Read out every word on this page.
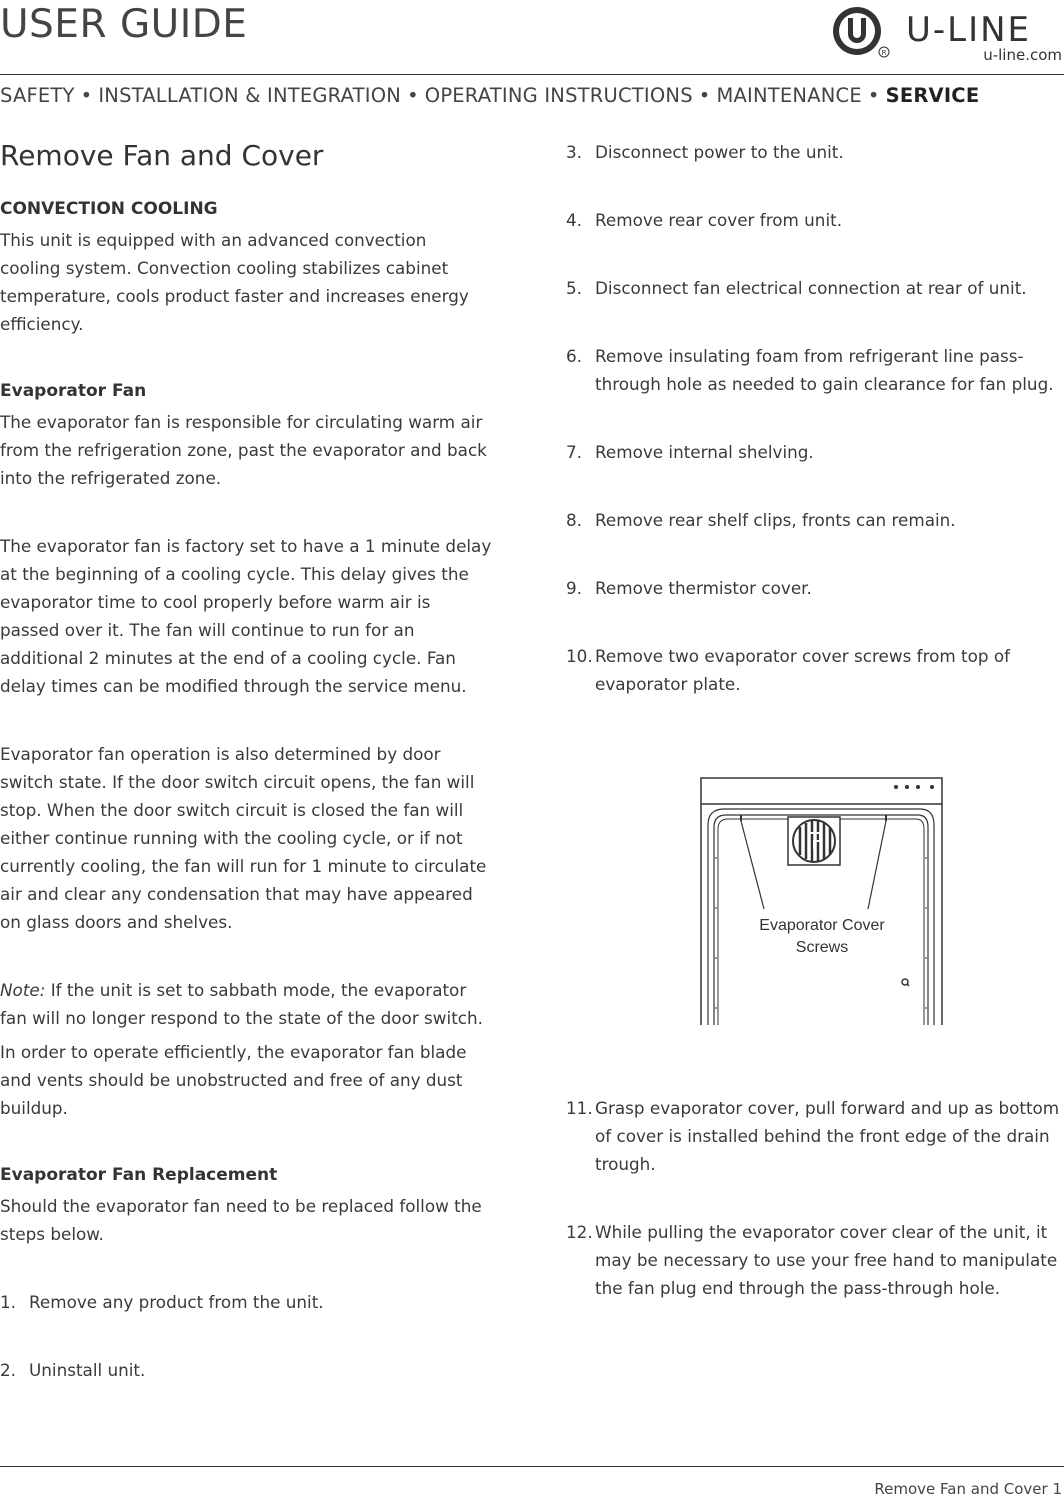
USER GUIDE
R
U-LINE
u-line.com
SAFETY • INSTALLATION & INTEGRATION • OPERATING INSTRUCTIONS • MAINTENANCE • SERVICE
Remove Fan and Cover
CONVECTION COOLING

This unit is equipped with an advanced convection cooling system. Convection cooling stabilizes cabinet temperature, cools product faster and increases energy efficiency.

Evaporator Fan

The evaporator fan is responsible for circulating warm air from the refrigeration zone, past the evaporator and back into the refrigerated zone.

The evaporator fan is factory set to have a 1 minute delay at the beginning of a cooling cycle. This delay gives the evaporator time to cool properly before warm air is passed over it. The fan will continue to run for an additional 2 minutes at the end of a cooling cycle. Fan delay times can be modified through the service menu.

Evaporator fan operation is also determined by door switch state. If the door switch circuit opens, the fan will stop. When the door switch circuit is closed the fan will either continue running with the cooling cycle, or if not currently cooling, the fan will run for 1 minute to circulate air and clear any condensation that may have appeared on glass doors and shelves.

Note: If the unit is set to sabbath mode, the evaporator fan will no longer respond to the state of the door switch.

In order to operate efficiently, the evaporator fan blade and vents should be unobstructed and free of any dust buildup.

Evaporator Fan Replacement

Should the evaporator fan need to be replaced follow the steps below.

1. Remove any product from the unit.
2. Uninstall unit.
3. Disconnect power to the unit.
4. Remove rear cover from unit.
5. Disconnect fan electrical connection at rear of unit.
6. Remove insulating foam from refrigerant line pass-through hole as needed to gain clearance for fan plug.
7. Remove internal shelving.
8. Remove rear shelf clips, fronts can remain.
9. Remove thermistor cover.
10. Remove two evaporator cover screws from top of evaporator plate.
Evaporator Cover
Screws
11. Grasp evaporator cover, pull forward and up as bottom of cover is installed behind the front edge of the drain trough.
12. While pulling the evaporator cover clear of the unit, it may be necessary to use your free hand to manipulate the fan plug end through the pass-through hole.
Remove Fan and Cover 1
